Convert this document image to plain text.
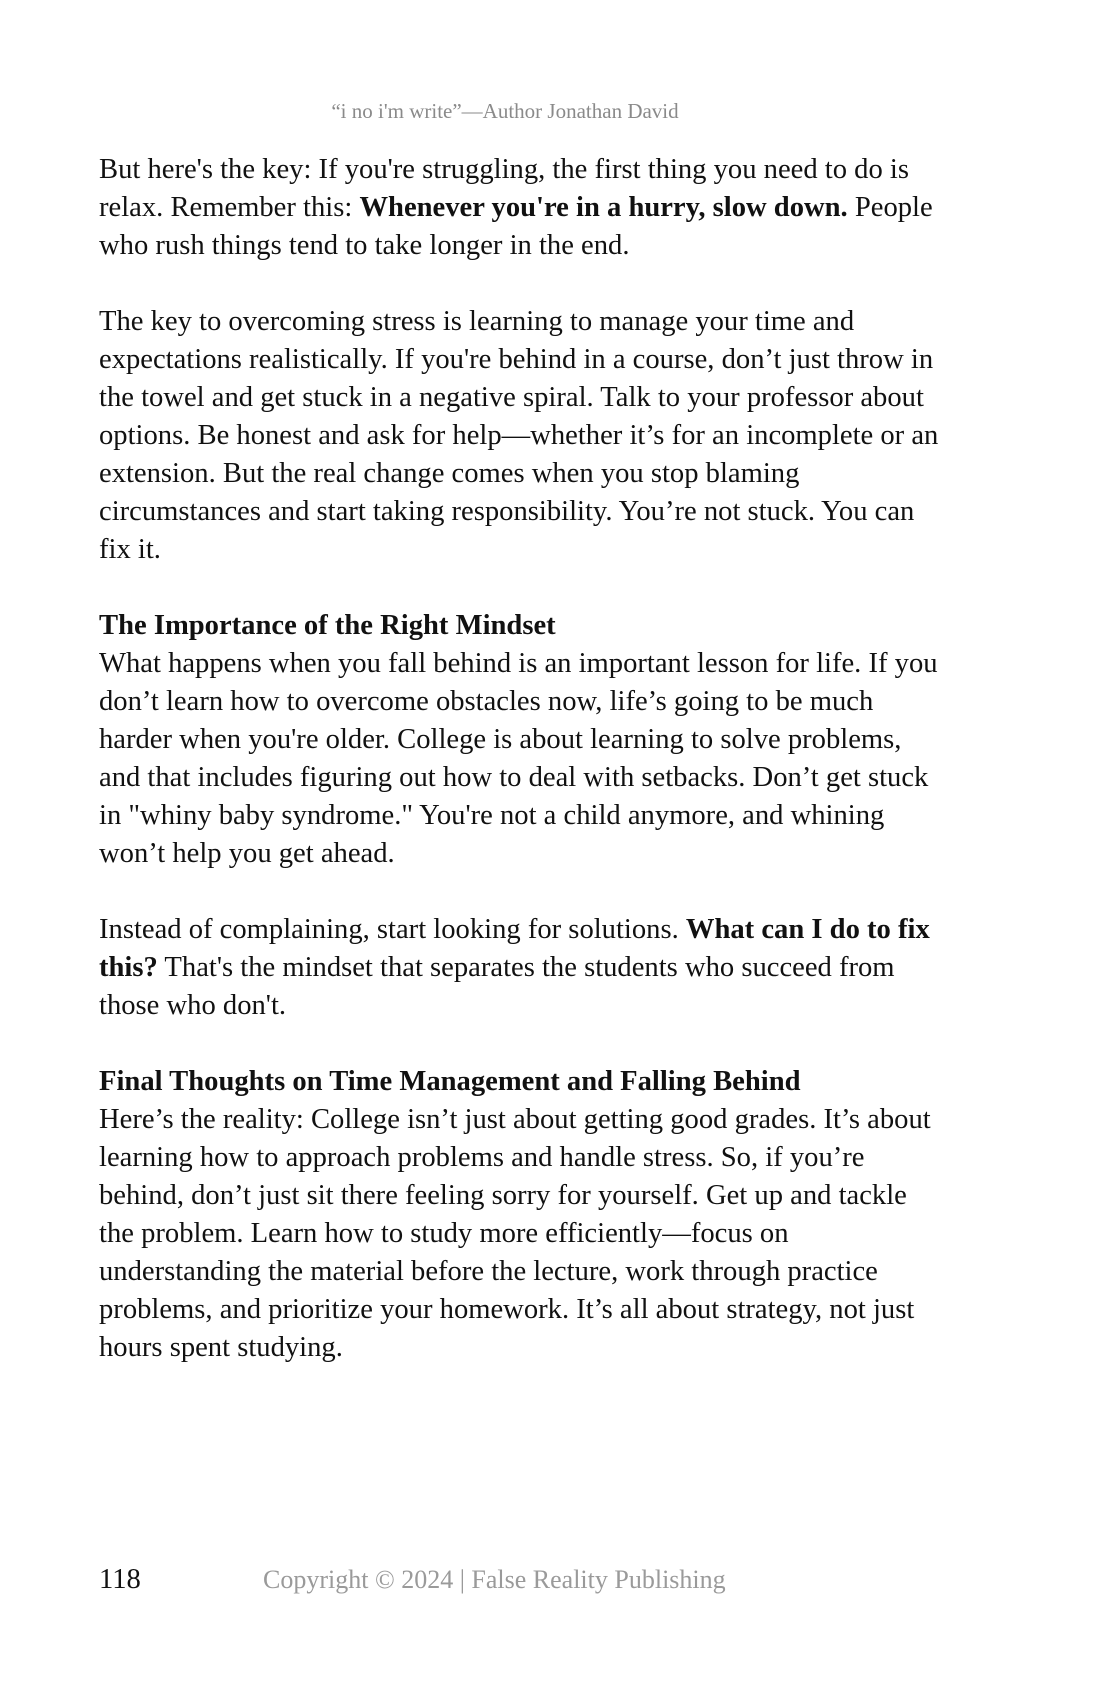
“i no i'm write”—Author Jonathan David

But here's the key: If you're struggling, the first thing you need to do is relax. Remember this: Whenever you're in a hurry, slow down. People who rush things tend to take longer in the end.

The key to overcoming stress is learning to manage your time and expectations realistically. If you're behind in a course, don’t just throw in the towel and get stuck in a negative spiral. Talk to your professor about options. Be honest and ask for help—whether it’s for an incomplete or an extension. But the real change comes when you stop blaming circumstances and start taking responsibility. You’re not stuck. You can fix it.

The Importance of the Right Mindset

What happens when you fall behind is an important lesson for life. If you don’t learn how to overcome obstacles now, life’s going to be much harder when you're older. College is about learning to solve problems, and that includes figuring out how to deal with setbacks. Don’t get stuck in "whiny baby syndrome." You're not a child anymore, and whining won’t help you get ahead.

Instead of complaining, start looking for solutions. What can I do to fix this? That's the mindset that separates the students who succeed from those who don't.

Final Thoughts on Time Management and Falling Behind

Here’s the reality: College isn’t just about getting good grades. It’s about learning how to approach problems and handle stress. So, if you’re behind, don’t just sit there feeling sorry for yourself. Get up and tackle the problem. Learn how to study more efficiently—focus on understanding the material before the lecture, work through practice problems, and prioritize your homework. It’s all about strategy, not just hours spent studying.

118	Copyright © 2024 | False Reality Publishing
